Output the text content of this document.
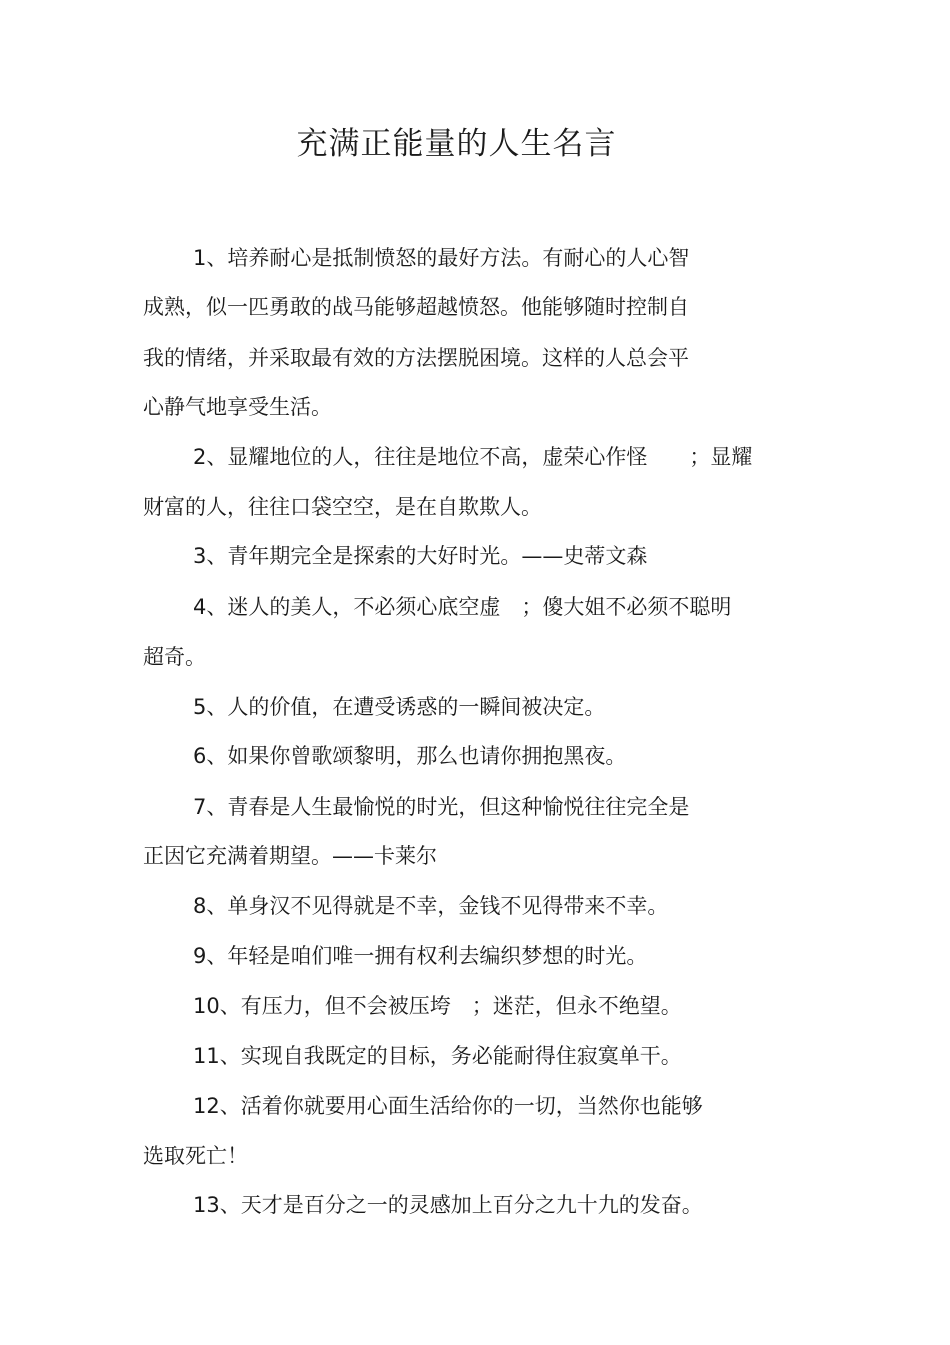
充满正能量的人生名言
1、培养耐心是抵制愤怒的最好方法。有耐心的人心智
成熟，似一匹勇敢的战马能够超越愤怒。他能够随时控制自
我的情绪，并采取最有效的方法摆脱困境。这样的人总会平
心静气地享受生活。
2、显耀地位的人，往往是地位不高，虚荣心作怪　　；显耀
财富的人，往往口袋空空，是在自欺欺人。
3、青年期完全是探索的大好时光。——史蒂文森
4、迷人的美人，不必须心底空虚　；傻大姐不必须不聪明
超奇。
5、人的价值，在遭受诱惑的一瞬间被决定。
6、如果你曾歌颂黎明，那么也请你拥抱黑夜。
7、青春是人生最愉悦的时光，但这种愉悦往往完全是
正因它充满着期望。——卡莱尔
8、单身汉不见得就是不幸，金钱不见得带来不幸。
9、年轻是咱们唯一拥有权利去编织梦想的时光。
10、有压力，但不会被压垮　；迷茫，但永不绝望。
11、实现自我既定的目标，务必能耐得住寂寞单干。
12、活着你就要用心面生活给你的一切，当然你也能够
选取死亡！
13、天才是百分之一的灵感加上百分之九十九的发奋。
